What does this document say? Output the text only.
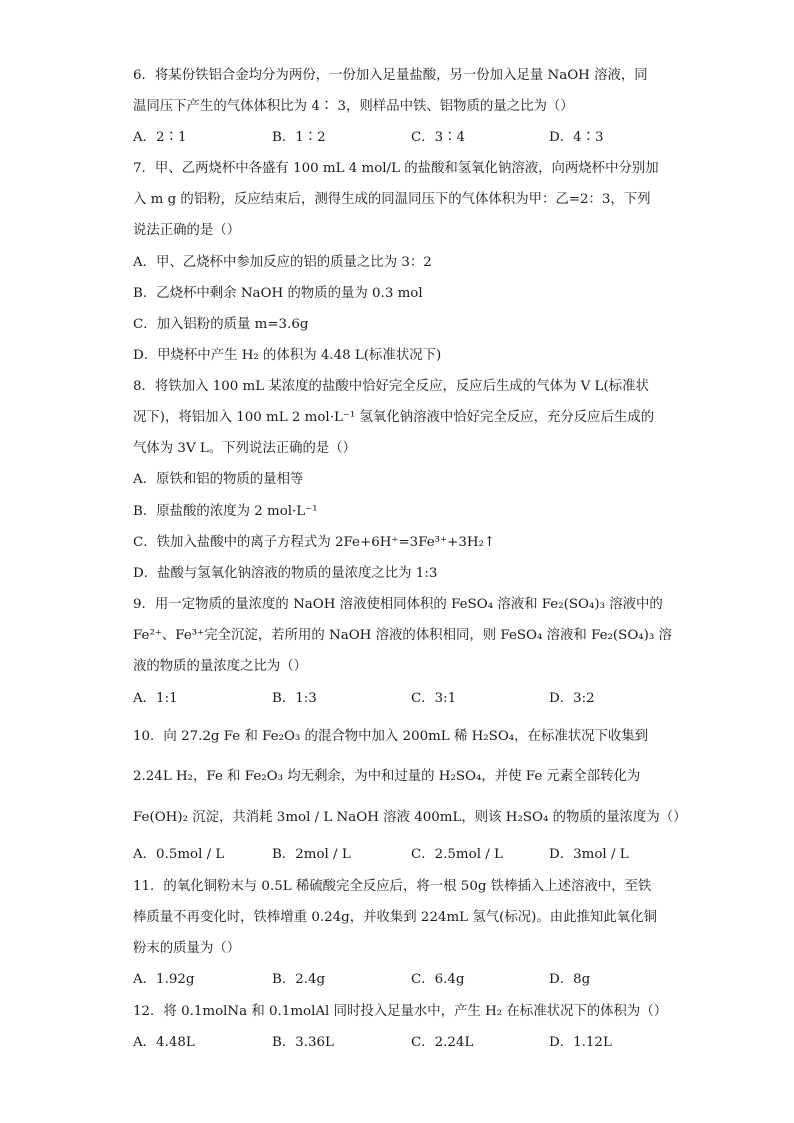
6．将某份铁铝合金均分为两份，一份加入足量盐酸，另一份加入足量 NaOH 溶液，同
温同压下产生的气体体积比为 4∶ 3，则样品中铁、铝物质的量之比为（）
A．2∶1	B．1∶2	C．3∶4	D．4∶3
7．甲、乙两烧杯中各盛有 100 mL 4 mol/L 的盐酸和氢氧化钠溶液，向两烧杯中分别加
入 m g 的铝粉，反应结束后，测得生成的同温同压下的气体体积为甲：乙=2：3，下列
说法正确的是（）
A．甲、乙烧杯中参加反应的铝的质量之比为 3：2
B．乙烧杯中剩余 NaOH 的物质的量为 0.3 mol
C．加入铝粉的质量 m=3.6g
D．甲烧杯中产生 H₂ 的体积为 4.48 L(标准状况下)
8．将铁加入 100 mL 某浓度的盐酸中恰好完全反应，反应后生成的气体为 V L(标准状
况下)，将铝加入 100 mL 2 mol·L⁻¹ 氢氧化钠溶液中恰好完全反应，充分反应后生成的
气体为 3V L。下列说法正确的是（）
A．原铁和铝的物质的量相等
B．原盐酸的浓度为 2 mol·L⁻¹
C．铁加入盐酸中的离子方程式为 2Fe+6H⁺=3Fe³⁺+3H₂↑
D．盐酸与氢氧化钠溶液的物质的量浓度之比为 1:3
9．用一定物质的量浓度的 NaOH 溶液使相同体积的 FeSO₄ 溶液和 Fe₂(SO₄)₃ 溶液中的
Fe²⁺、Fe³⁺完全沉淀，若所用的 NaOH 溶液的体积相同，则 FeSO₄ 溶液和 Fe₂(SO₄)₃ 溶
液的物质的量浓度之比为（）
A．1:1	B．1:3	C．3:1	D．3:2
10．向 27.2g Fe 和 Fe₂O₃ 的混合物中加入 200mL 稀 H₂SO₄，在标准状况下收集到
2.24L H₂，Fe 和 Fe₂O₃ 均无剩余，为中和过量的 H₂SO₄，并使 Fe 元素全部转化为
Fe(OH)₂ 沉淀，共消耗 3mol / L NaOH 溶液 400mL，则该 H₂SO₄ 的物质的量浓度为（）
A．0.5mol / L	B．2mol / L	C．2.5mol / L	D．3mol / L
11．的氧化铜粉末与 0.5L 稀硫酸完全反应后，将一根 50g 铁棒插入上述溶液中，至铁
棒质量不再变化时，铁棒增重 0.24g，并收集到 224mL 氢气(标况)。由此推知此氧化铜
粉末的质量为（）
A．1.92g	B．2.4g	C．6.4g	D．8g
12．将 0.1molNa 和 0.1molAl 同时投入足量水中，产生 H₂ 在标准状况下的体积为（）
A．4.48L	B．3.36L	C．2.24L	D．1.12L
